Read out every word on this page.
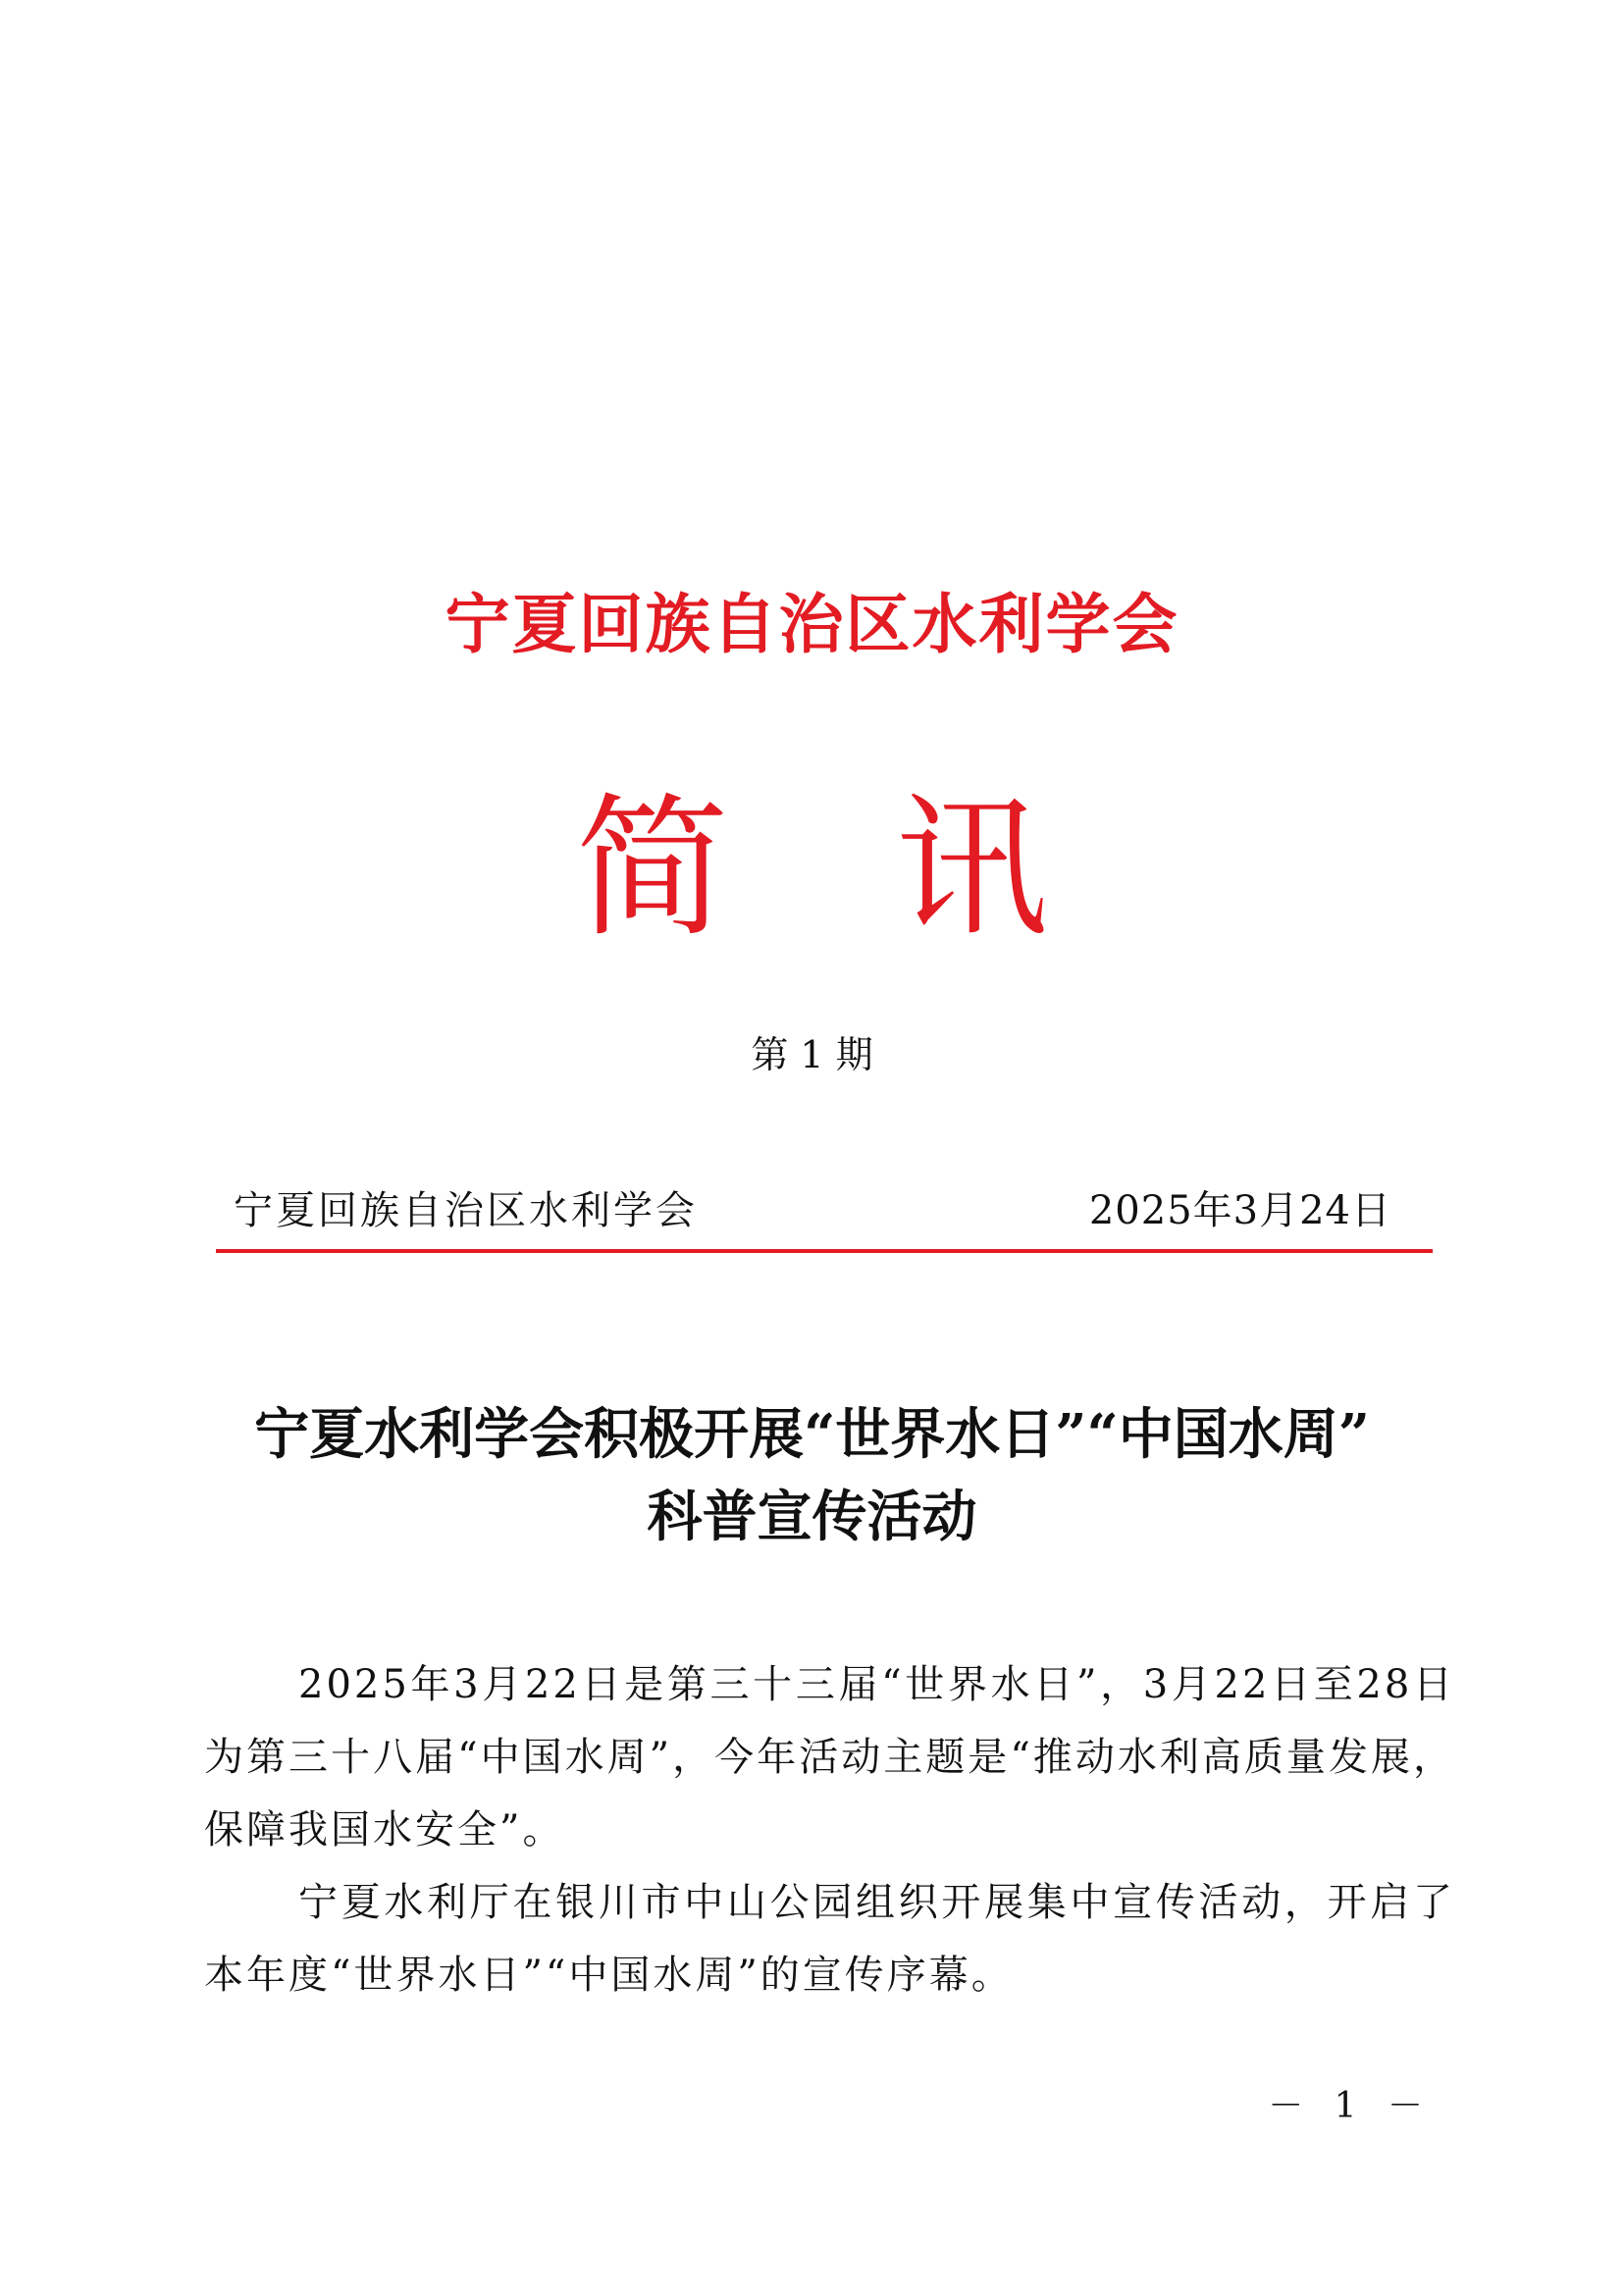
宁夏回族自治区水利学会
简 讯
第 1 期
宁夏回族自治区水利学会	2025年3月24日
宁夏水利学会积极开展“世界水日”“中国水周”
科普宣传活动

2025年3月22日是第三十三届“世界水日”，3月22日至28日为第三十八届“中国水周”，今年活动主题是“推动水利高质量发展，保障我国水安全”。

宁夏水利厅在银川市中山公园组织开展集中宣传活动，开启了本年度“世界水日”“中国水周”的宣传序幕。

－ 1 －
